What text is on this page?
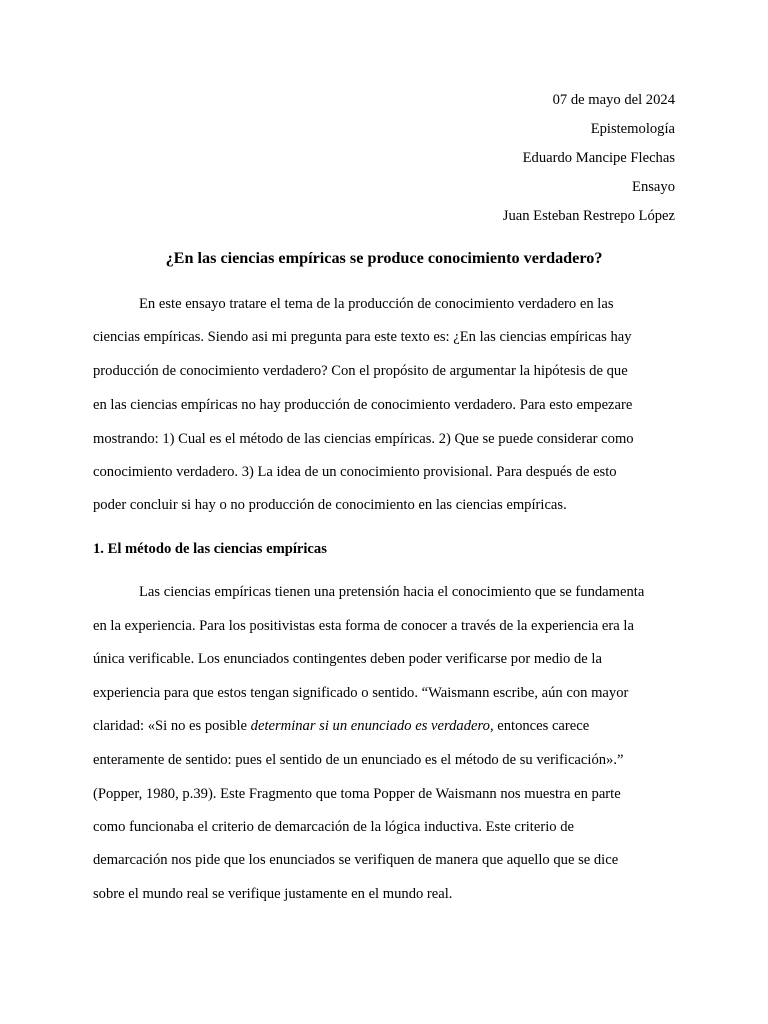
07 de mayo del 2024
Epistemología
Eduardo Mancipe Flechas
Ensayo
Juan Esteban Restrepo López
¿En las ciencias empíricas se produce conocimiento verdadero?
En este ensayo tratare el tema de la producción de conocimiento verdadero en las
ciencias empíricas. Siendo asi mi pregunta para este texto es: ¿En las ciencias empíricas hay
producción de conocimiento verdadero? Con el propósito de argumentar la hipótesis de que
en las ciencias empíricas no hay producción de conocimiento verdadero. Para esto empezare
mostrando: 1) Cual es el método de las ciencias empíricas. 2) Que se puede considerar como
conocimiento verdadero. 3) La idea de un conocimiento provisional. Para después de esto
poder concluir si hay o no producción de conocimiento en las ciencias empíricas.
1. El método de las ciencias empíricas
Las ciencias empíricas tienen una pretensión hacia el conocimiento que se fundamenta
en la experiencia. Para los positivistas esta forma de conocer a través de la experiencia era la
única verificable. Los enunciados contingentes deben poder verificarse por medio de la
experiencia para que estos tengan significado o sentido. “Waismann escribe, aún con mayor
claridad: «Si no es posible determinar si un enunciado es verdadero, entonces carece
enteramente de sentido: pues el sentido de un enunciado es el método de su verificación».”
(Popper, 1980, p.39). Este Fragmento que toma Popper de Waismann nos muestra en parte
como funcionaba el criterio de demarcación de la lógica inductiva. Este criterio de
demarcación nos pide que los enunciados se verifiquen de manera que aquello que se dice
sobre el mundo real se verifique justamente en el mundo real.
